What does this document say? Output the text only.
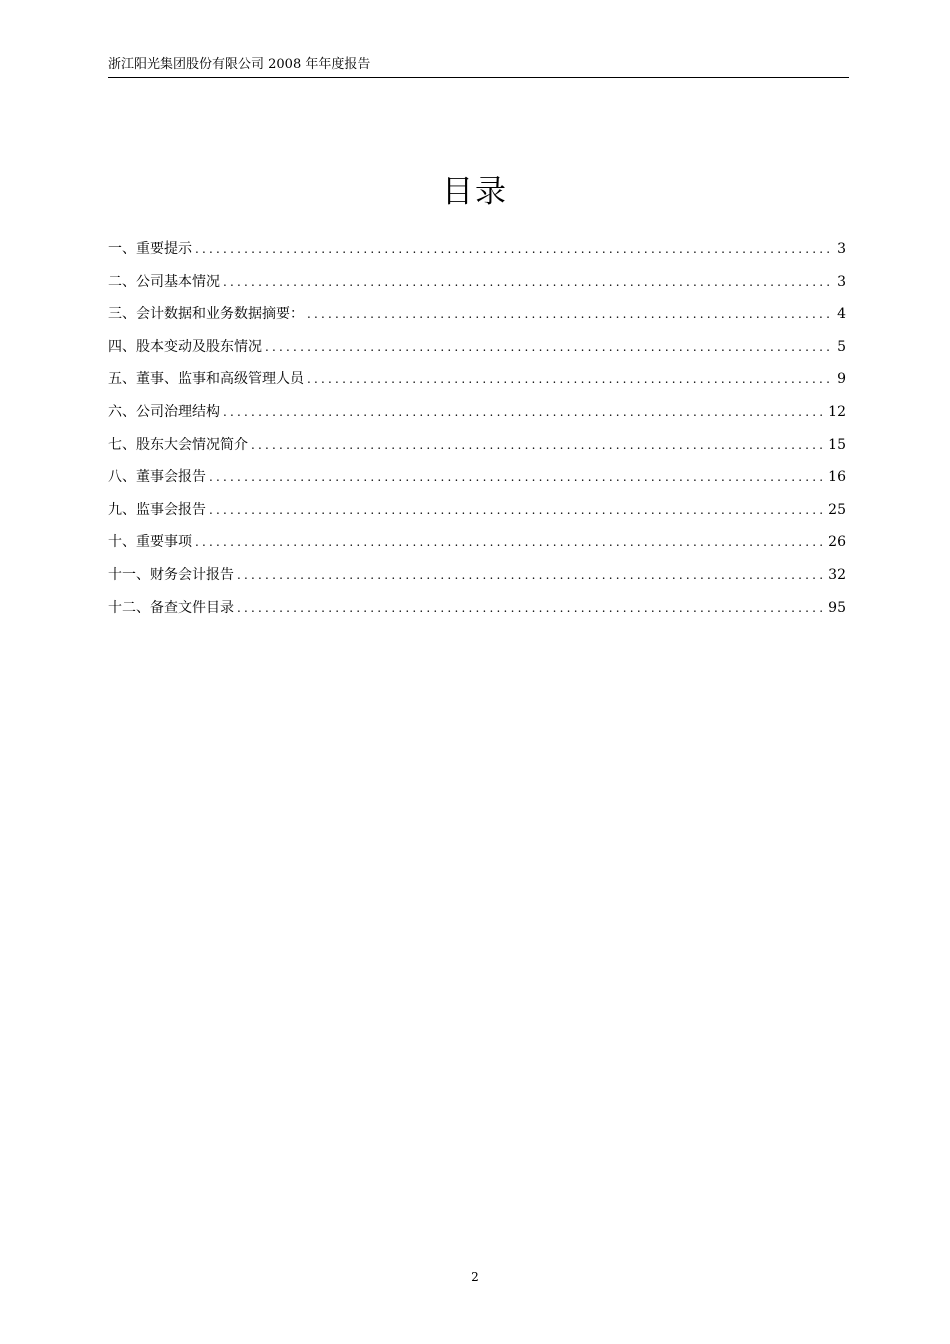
浙江阳光集团股份有限公司 2008 年年度报告
目录
一、重要提示 .....	3
二、公司基本情况 .....	3
三、会计数据和业务数据摘要： .....	4
四、股本变动及股东情况 .....	5
五、董事、监事和高级管理人员 .....	9
六、公司治理结构 .....	12
七、股东大会情况简介 .....	15
八、董事会报告 .....	16
九、监事会报告 .....	25
十、重要事项 .....	26
十一、财务会计报告 .....	32
十二、备查文件目录 .....	95
2
